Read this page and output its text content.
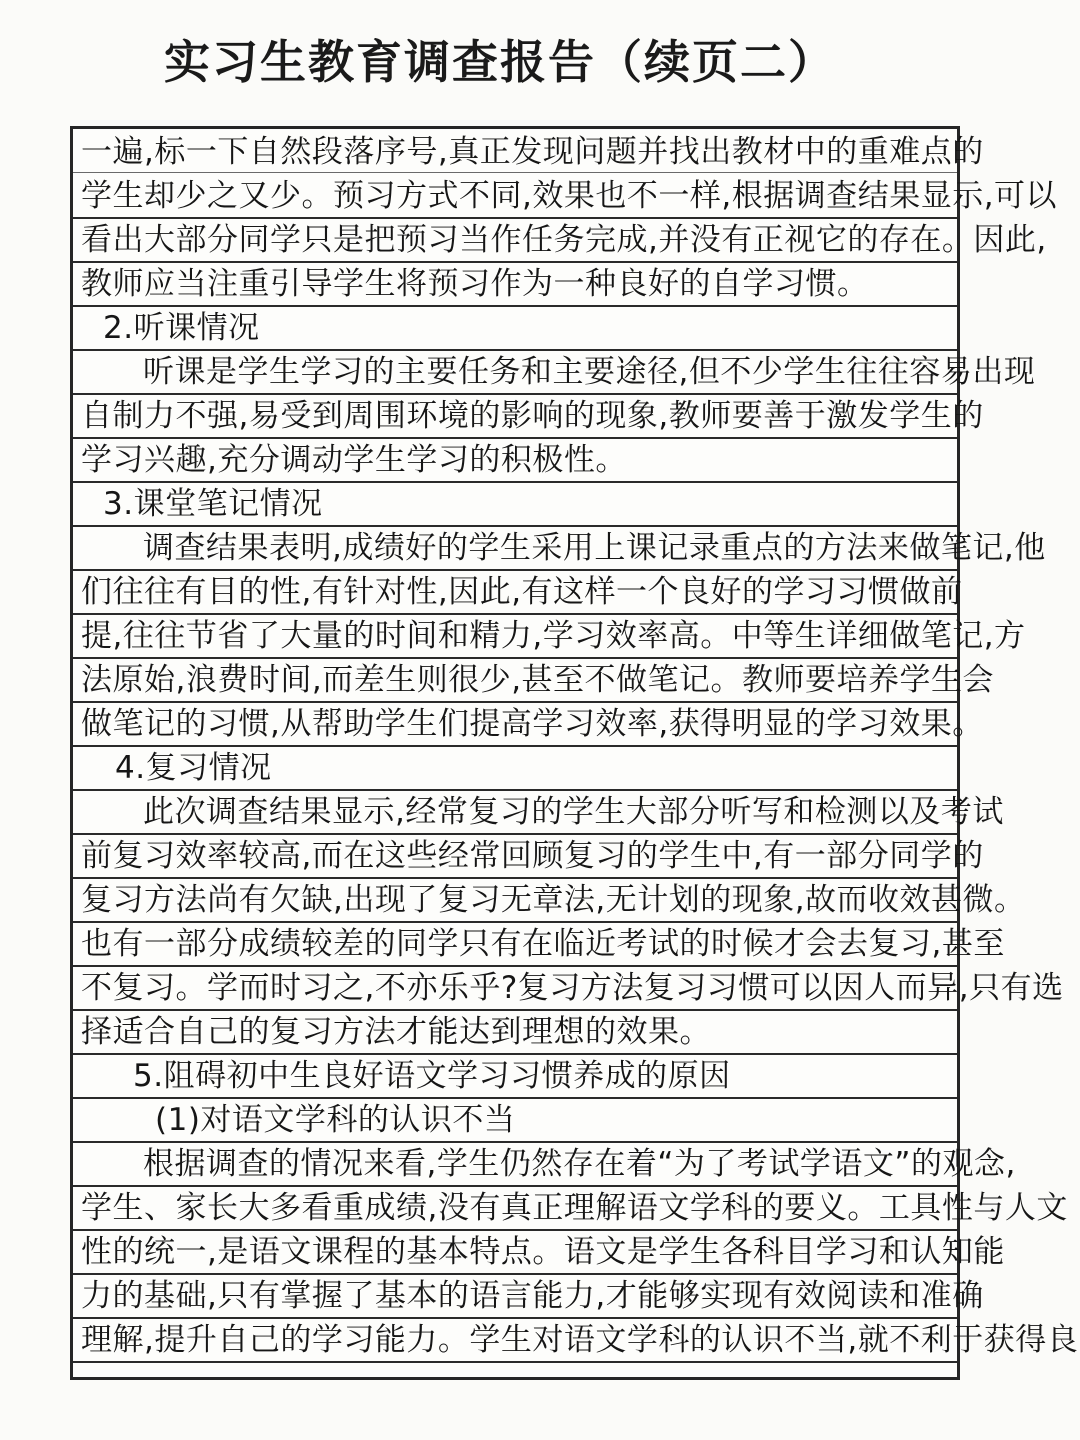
实习生教育调查报告（续页二）
一遍,标一下自然段落序号,真正发现问题并找出教材中的重难点的
学生却少之又少。预习方式不同,效果也不一样,根据调查结果显示,可以
看出大部分同学只是把预习当作任务完成,并没有正视它的存在。因此,
教师应当注重引导学生将预习作为一种良好的自学习惯。
2.听课情况
听课是学生学习的主要任务和主要途径,但不少学生往往容易出现
自制力不强,易受到周围环境的影响的现象,教师要善于激发学生的
学习兴趣,充分调动学生学习的积极性。
3.课堂笔记情况
调查结果表明,成绩好的学生采用上课记录重点的方法来做笔记,他
们往往有目的性,有针对性,因此,有这样一个良好的学习习惯做前
提,往往节省了大量的时间和精力,学习效率高。中等生详细做笔记,方
法原始,浪费时间,而差生则很少,甚至不做笔记。教师要培养学生会
做笔记的习惯,从帮助学生们提高学习效率,获得明显的学习效果。
4.复习情况
此次调查结果显示,经常复习的学生大部分听写和检测以及考试
前复习效率较高,而在这些经常回顾复习的学生中,有一部分同学的
复习方法尚有欠缺,出现了复习无章法,无计划的现象,故而收效甚微。
也有一部分成绩较差的同学只有在临近考试的时候才会去复习,甚至
不复习。学而时习之,不亦乐乎?复习方法复习习惯可以因人而异,只有选
择适合自己的复习方法才能达到理想的效果。
5.阻碍初中生良好语文学习习惯养成的原因
(1)对语文学科的认识不当
根据调查的情况来看,学生仍然存在着“为了考试学语文”的观念,
学生、家长大多看重成绩,没有真正理解语文学科的要义。工具性与人文
性的统一,是语文课程的基本特点。语文是学生各科目学习和认知能
力的基础,只有掌握了基本的语言能力,才能够实现有效阅读和准确
理解,提升自己的学习能力。学生对语文学科的认识不当,就不利于获得良
